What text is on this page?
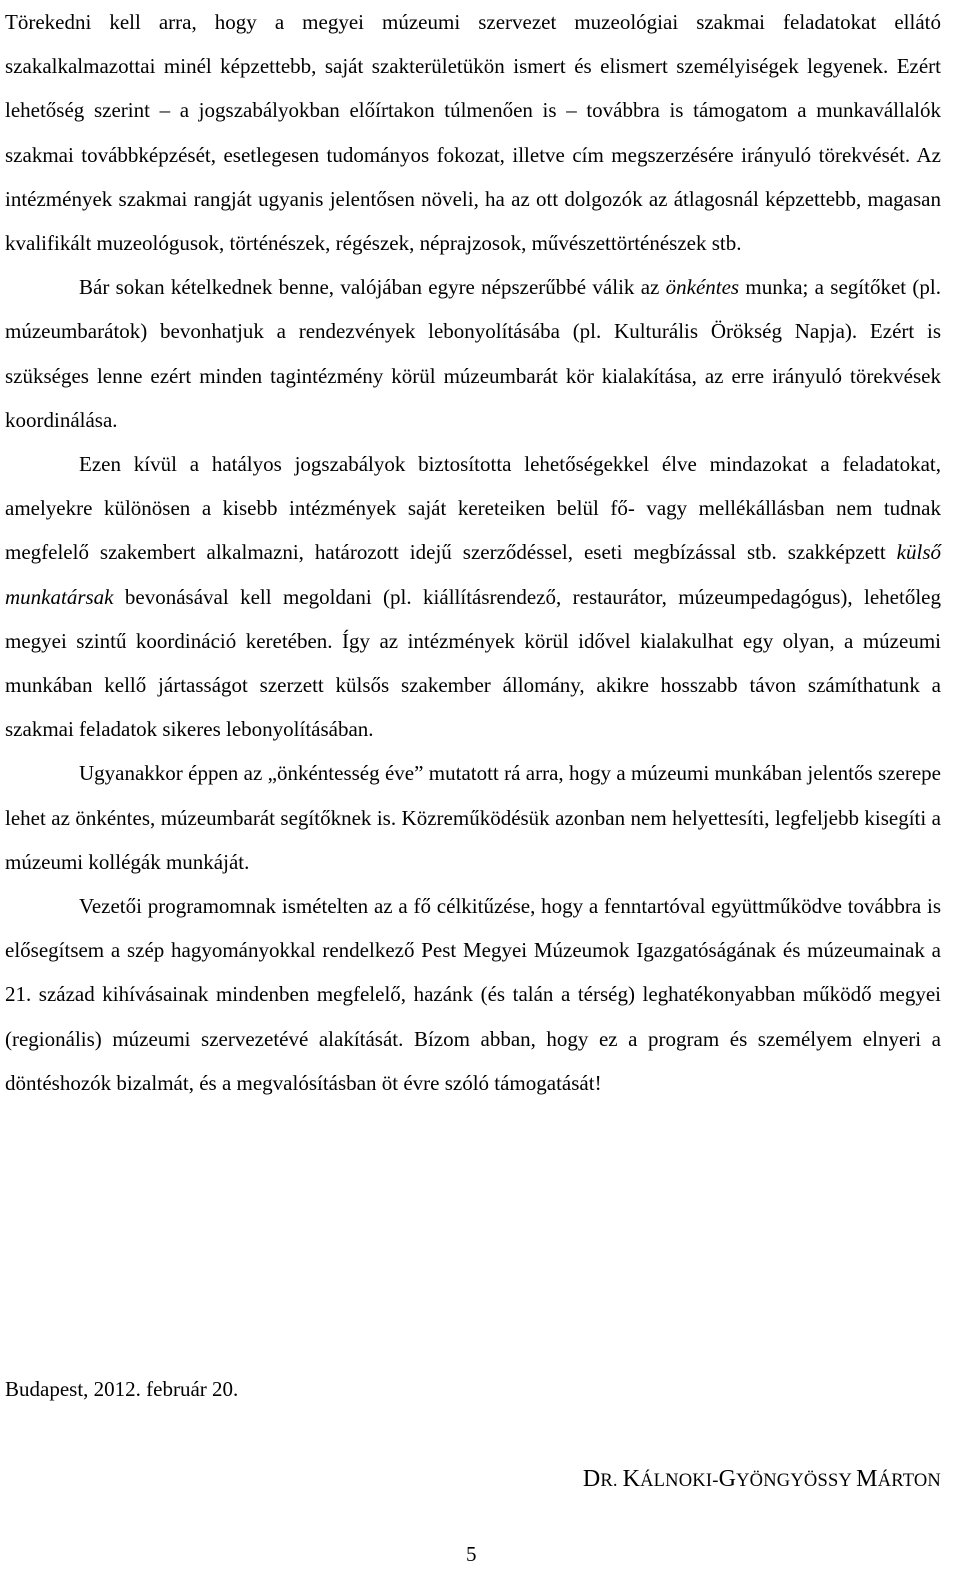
Törekedni kell arra, hogy a megyei múzeumi szervezet muzeológiai szakmai feladatokat ellátó szakalkalmazottai minél képzettebb, saját szakterületükön ismert és elismert személyiségek legyenek. Ezért lehetőség szerint – a jogszabályokban előírtakon túlmenően is – továbbra is támogatom a munkavállalók szakmai továbbképzését, esetlegesen tudományos fokozat, illetve cím megszerzésére irányuló törekvését. Az intézmények szakmai rangját ugyanis jelentősen növeli, ha az ott dolgozók az átlagosnál képzettebb, magasan kvalifikált muzeológusok, történészek, régészek, néprajzosok, művészettörténészek stb.

Bár sokan kételkednek benne, valójában egyre népszerűbbé válik az önkéntes munka; a segítőket (pl. múzeumbarátok) bevonhatjuk a rendezvények lebonyolításába (pl. Kulturális Örökség Napja). Ezért is szükséges lenne ezért minden tagintézmény körül múzeumbarát kör kialakítása, az erre irányuló törekvések koordinálása.

Ezen kívül a hatályos jogszabályok biztosította lehetőségekkel élve mindazokat a feladatokat, amelyekre különösen a kisebb intézmények saját kereteiken belül fő- vagy mellékállásban nem tudnak megfelelő szakembert alkalmazni, határozott idejű szerződéssel, eseti megbízással stb. szakképzett külső munkatársak bevonásával kell megoldani (pl. kiállításrendező, restaurátor, múzeumpedagógus), lehetőleg megyei szintű koordináció keretében. Így az intézmények körül idővel kialakulhat egy olyan, a múzeumi munkában kellő jártasságot szerzett külsős szakember állomány, akikre hosszabb távon számíthatunk a szakmai feladatok sikeres lebonyolításában.

Ugyanakkor éppen az „önkéntesség éve” mutatott rá arra, hogy a múzeumi munkában jelentős szerepe lehet az önkéntes, múzeumbarát segítőknek is. Közreműködésük azonban nem helyettesíti, legfeljebb kisegíti a múzeumi kollégák munkáját.

Vezetői programomnak ismételten az a fő célkitűzése, hogy a fenntartóval együttműködve továbbra is elősegítsem a szép hagyományokkal rendelkező Pest Megyei Múzeumok Igazgatóságának és múzeumainak a 21. század kihívásainak mindenben megfelelő, hazánk (és talán a térség) leghatékonyabban működő megyei (regionális) múzeumi szervezetévé alakítását. Bízom abban, hogy ez a program és személyem elnyeri a döntéshozók bizalmát, és a megvalósításban öt évre szóló támogatását!

Budapest, 2012. február 20.

DR. KÁLNOKI-GYÖNGYÖSSY MÁRTON

5
